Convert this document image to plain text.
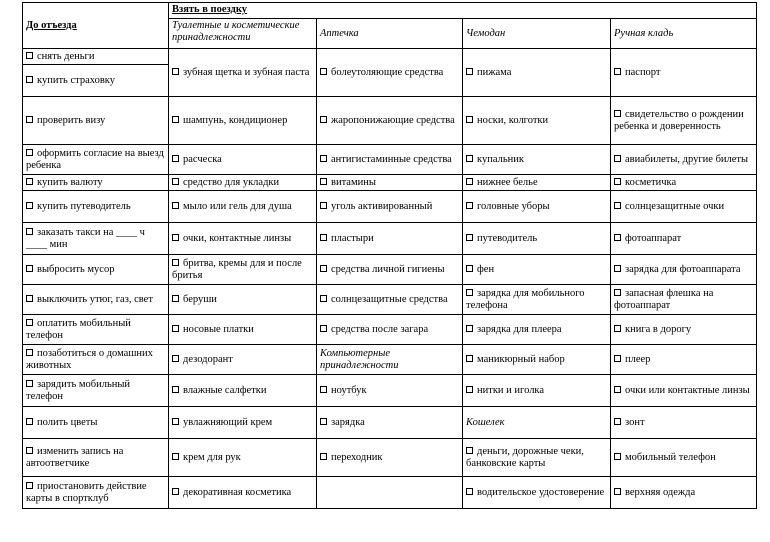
До отъезда	Взять в поездку			
	Туалетные и косметические принадлежности	Аптечка	Чемодан	Ручная кладь
снять деньги	зубная щетка и зубная паста	болеутоляющие средства	пижама	паспорт
купить страховку				
проверить визу	шампунь, кондиционер	жаропонижающие средства	носки, колготки	свидетельство о рождении ребенка и доверенность
оформить согласие на выезд ребенка	расческа	антигистаминные средства	купальник	авиабилеты, другие билеты
купить валюту	средство для укладки	витамины	нижнее белье	косметичка
купить путеводитель	мыло или гель для душа	уголь активированный	головные уборы	солнцезащитные очки
заказать такси на ____ ч ____ мин	очки, контактные линзы	пластыри	путеводитель	фотоаппарат
выбросить мусор	бритва, кремы для и после бритья	средства личной гигиены	фен	зарядка для фотоаппарата
выключить утюг, газ, свет	беруши	солнцезащитные средства	зарядка для мобильного телефона	запасная флешка на фотоаппарат
оплатить мобильный телефон	носовые платки	средства после загара	зарядка для плеера	книга в дорогу
позаботиться о домашних животных	дезодорант	Компьютерные принадлежности	маникюрный набор	плеер
зарядить мобильный телефон	влажные салфетки	ноутбук	нитки и иголка	очки или контактные линзы
полить цветы	увлажняющий крем	зарядка	Кошелек	зонт
изменить запись на автоответчике	крем для рук	переходник	деньги, дорожные чеки, банковские карты	мобильный телефон
приостановить действие карты в спортклуб	декоративная косметика		водительское удостоверение	верхняя одежда
